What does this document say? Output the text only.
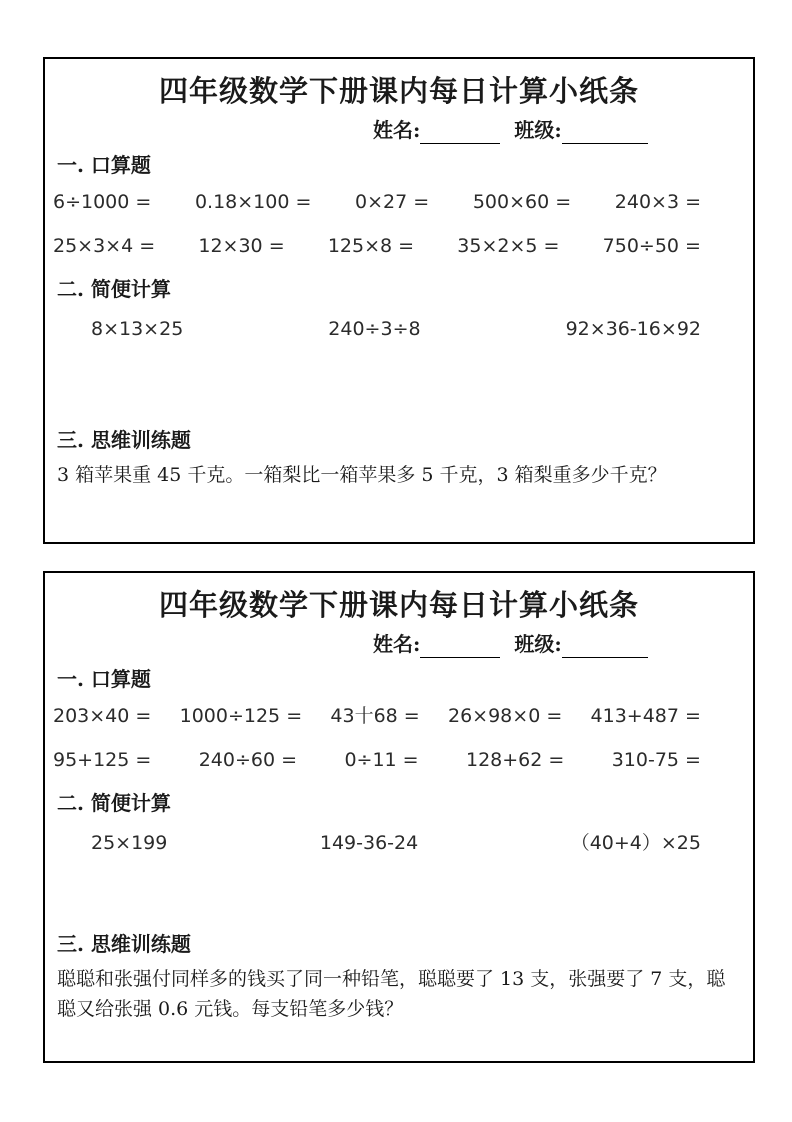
四年级数学下册课内每日计算小纸条
姓名:	班级:
一. 口算题
6÷1000 = 0.18×100 = 0×27 = 500×60 = 240×3 =
25×3×4 = 12×30 = 125×8 = 35×2×5 = 750÷50 =
二. 简便计算
8×13×25	240÷3÷8	92×36-16×92
三. 思维训练题

3 箱苹果重 45 千克。一箱梨比一箱苹果多 5 千克，3 箱梨重多少千克？

四年级数学下册课内每日计算小纸条
姓名:	班级:
一. 口算题
203×40 = 1000÷125 = 43十68 = 26×98×0 = 413+487 =
95+125 = 240÷60 = 0÷11 = 128+62 = 310-75 =
二. 简便计算
25×199	149-36-24	（40+4）×25
三. 思维训练题

聪聪和张强付同样多的钱买了同一种铅笔，聪聪要了 13 支，张强要了 7 支，聪聪又给张强 0.6 元钱。每支铅笔多少钱？
